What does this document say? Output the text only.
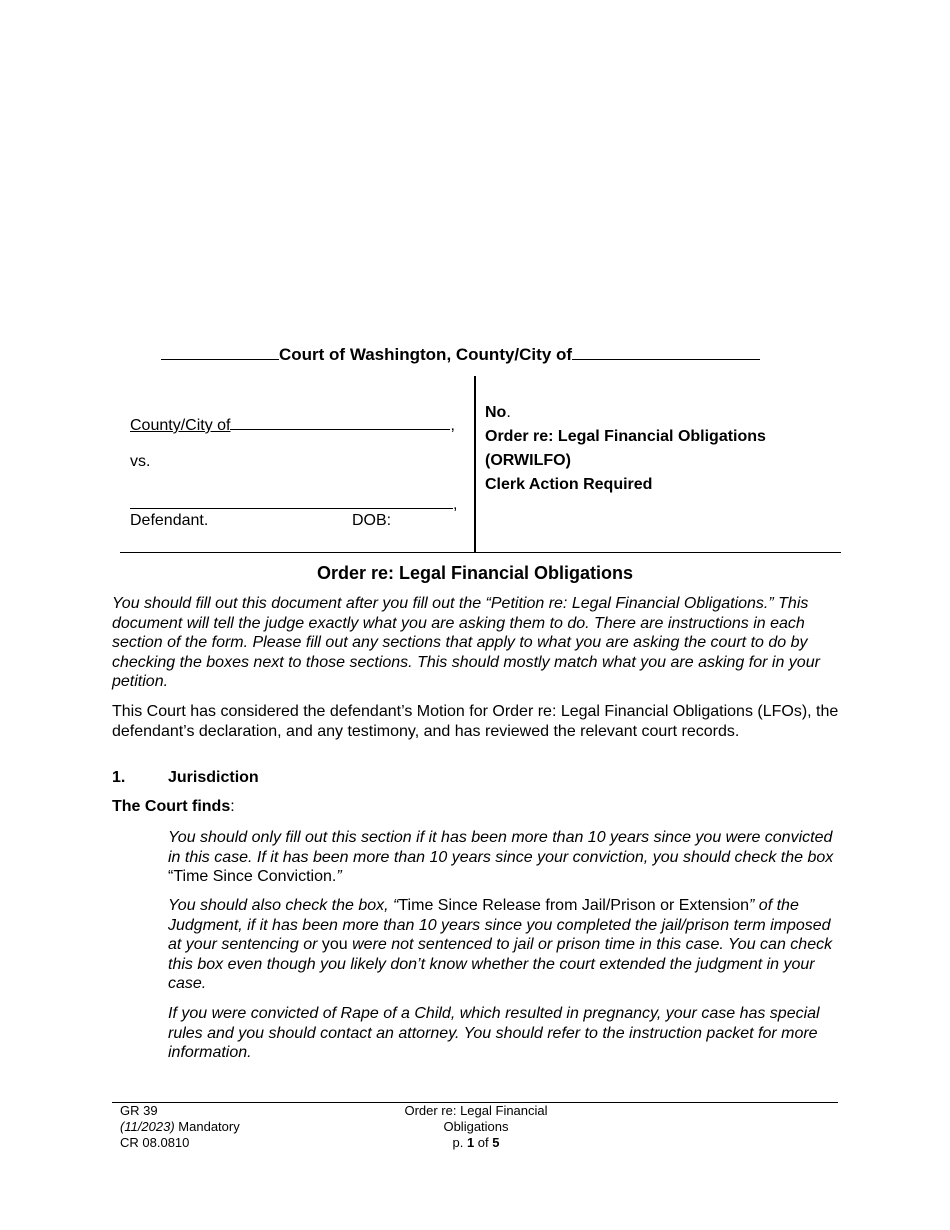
Court of Washington, County/City of
County/City of	,
vs.
,
Defendant.	DOB:
No.
Order re: Legal Financial Obligations
(ORWILFO)
Clerk Action Required
Order re: Legal Financial Obligations
You should fill out this document after you fill out the “Petition re: Legal Financial Obligations.” This document will tell the judge exactly what you are asking them to do. There are instructions in each section of the form. Please fill out any sections that apply to what you are asking the court to do by checking the boxes next to those sections. This should mostly match what you are asking for in your petition.
This Court has considered the defendant’s Motion for Order re: Legal Financial Obligations (LFOs), the defendant’s declaration, and any testimony, and has reviewed the relevant court records.
1.	Jurisdiction
The Court finds:
You should only fill out this section if it has been more than 10 years since you were convicted in this case. If it has been more than 10 years since your conviction, you should check the box “Time Since Conviction.”
You should also check the box, “Time Since Release from Jail/Prison or Extension” of the Judgment, if it has been more than 10 years since you completed the jail/prison term imposed at your sentencing or you were not sentenced to jail or prison time in this case. You can check this box even though you likely don’t know whether the court extended the judgment in your case.
If you were convicted of Rape of a Child, which resulted in pregnancy, your case has special rules and you should contact an attorney. You should refer to the instruction packet for more information.
GR 39
(11/2023) Mandatory
CR 08.0810
Order re: Legal Financial
Obligations
p. 1 of 5
